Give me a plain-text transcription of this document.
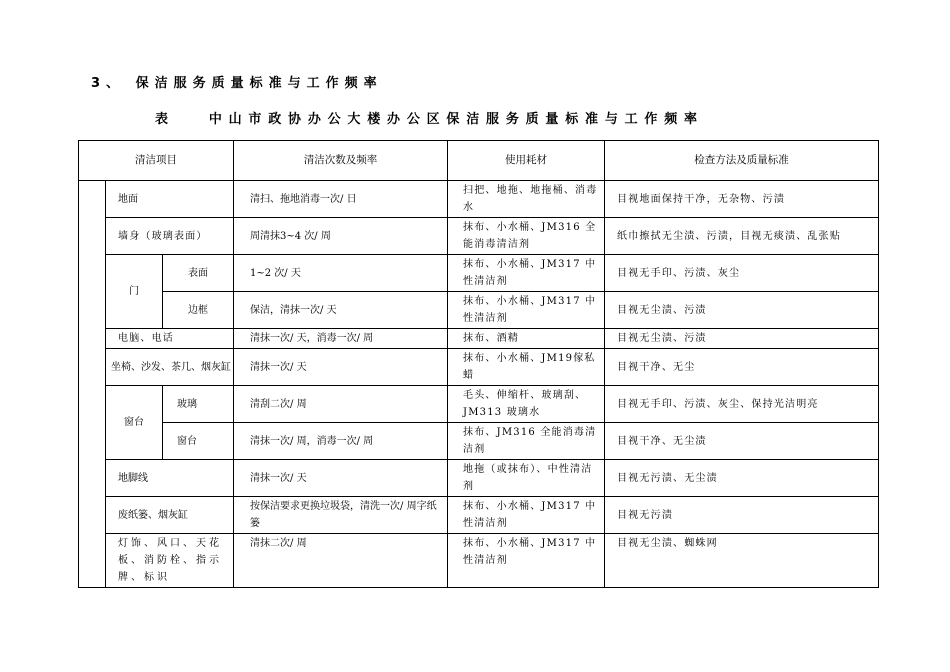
3、 保洁服务质量标准与工作频率
表	中山市政协办公大楼办公区保洁服务质量标准与工作频率
清洁项目			清洁次数及频率	使用耗材	检查方法及质量标准
	地面		清扫、拖地消毒一次/ 日	扫把、地拖、地拖桶、消毒水	目视地面保持干净，无杂物、污渍
	墙身（玻璃表面）		周清抹3~4 次/ 周	抹布、小水桶、JM316 全能消毒清洁剂	纸巾擦拭无尘渍、污渍，目视无痰渍、乱张贴
	门	表面	1~2 次/ 天	抹布、小水桶、JM317 中性清洁剂	目视无手印、污渍、灰尘
		边框	保洁，清抹一次/ 天	抹布、小水桶、JM317 中性清洁剂	目视无尘渍、污渍
	电脑、电话		清抹一次/ 天，消毒一次/ 周	抹布、酒精	目视无尘渍、污渍
	坐椅、沙发、茶几、烟灰缸		清抹一次/ 天	抹布、小水桶、JM19傢私蜡	目视干净、无尘
	窗台	玻璃	清刮二次/ 周	毛头、伸缩杆、玻璃刮、JM313 玻璃水	目视无手印、污渍、灰尘、保持光洁明亮
		窗台	清抹一次/ 周，消毒一次/ 周	抹布、JM316 全能消毒清洁剂	目视干净、无尘渍
	地脚线		清抹一次/ 天	地拖（或抹布）、中性清洁剂	目视无污渍、无尘渍
	废纸篓、烟灰缸		按保洁要求更换垃圾袋，清洗一次/ 周字纸篓	抹布、小水桶、JM317 中性清洁剂	目视无污渍
	灯饰、风口、天花板、消防栓、指示牌、标识		清抹二次/ 周	抹布、小水桶、JM317 中性清洁剂	目视无尘渍、蜘蛛网
